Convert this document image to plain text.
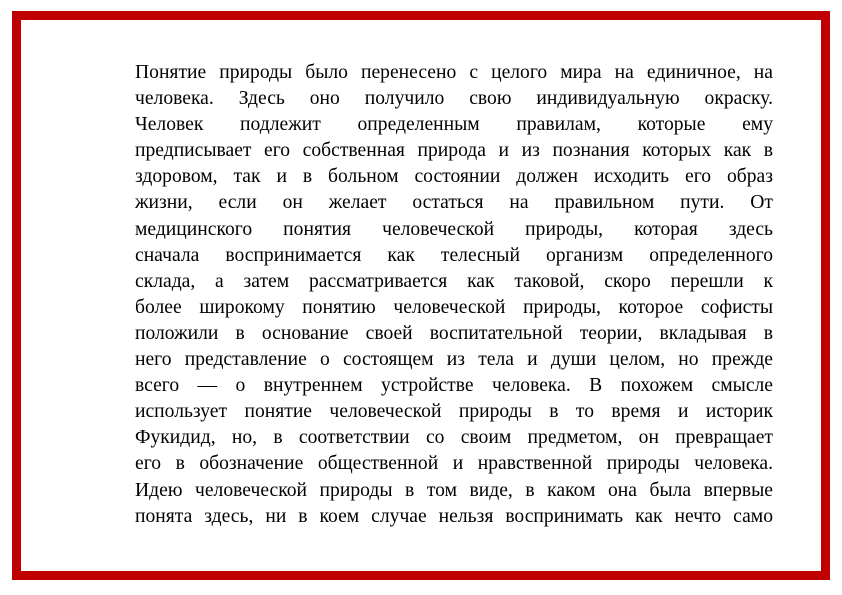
Понятие природы было перенесено с целого мира на единичное, на
человека. Здесь оно получило свою индивидуальную окраску.
Человек подлежит определенным правилам, которые ему
предписывает его собственная природа и из познания которых как в
здоровом, так и в больном состоянии должен исходить его образ
жизни, если он желает остаться на правильном пути. От
медицинского понятия человеческой природы, которая здесь
сначала воспринимается как телесный организм определенного
склада, а затем рассматривается как таковой, скоро перешли к
более широкому понятию человеческой природы, которое софисты
положили в основание своей воспитательной теории, вкладывая в
него представление о состоящем из тела и души целом, но прежде
всего — о внутреннем устройстве человека. В похожем смысле
использует понятие человеческой природы в то время и историк
Фукидид, но, в соответствии со своим предметом, он превращает
его в обозначение общественной и нравственной природы человека.
Идею человеческой природы в том виде, в каком она была впервые
понята здесь, ни в коем случае нельзя воспринимать как нечто само
